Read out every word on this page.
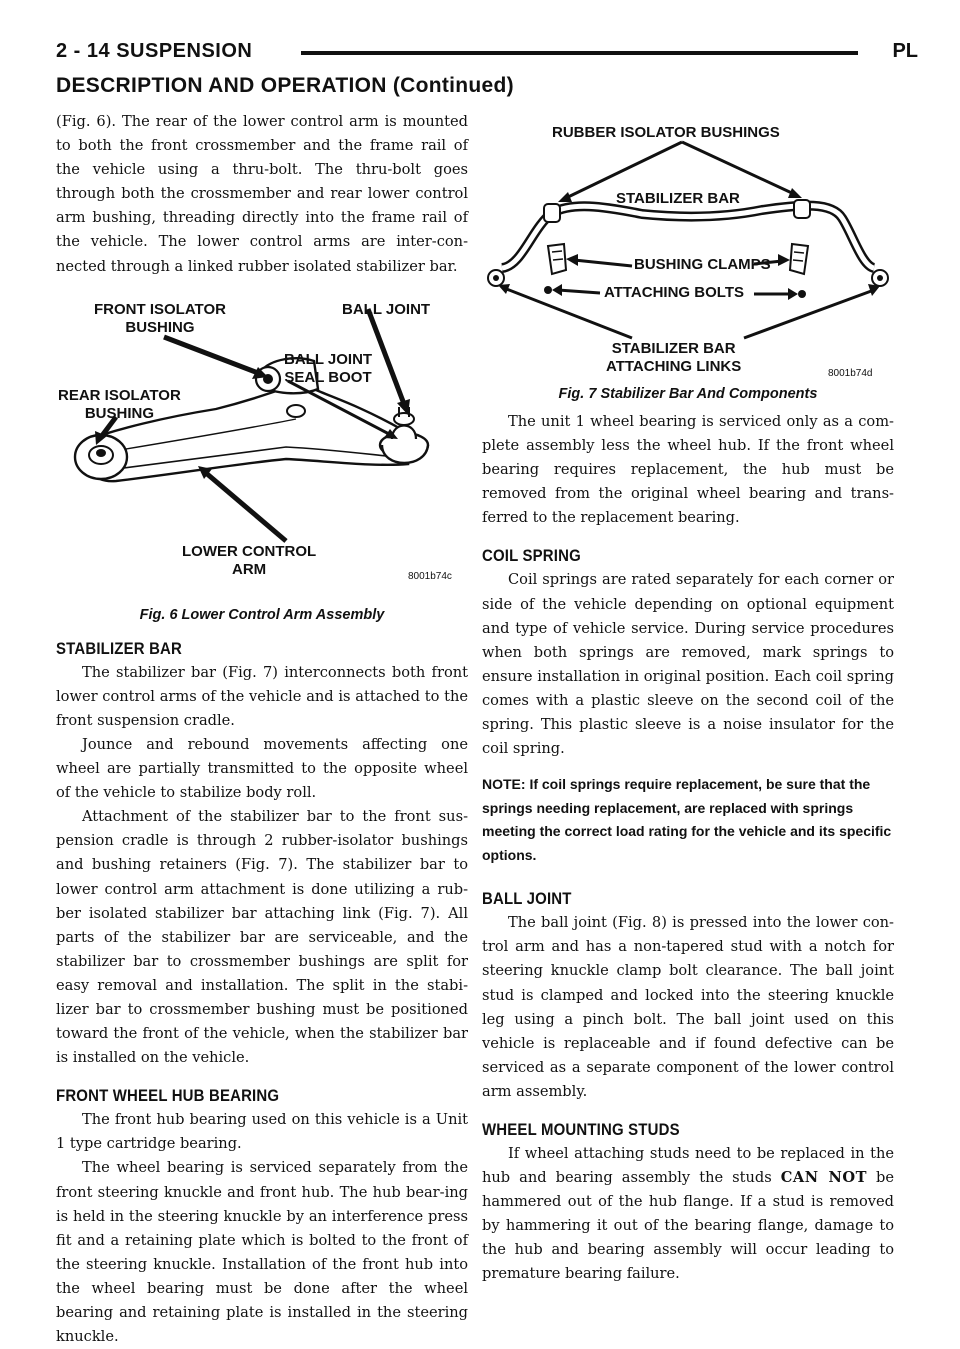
2 - 14 SUSPENSION	PL
DESCRIPTION AND OPERATION (Continued)

(Fig. 6). The rear of the lower control arm is mounted to both the front crossmember and the frame rail of the vehicle using a thru-bolt. The thru-bolt goes through both the crossmember and rear lower control arm bushing, threading directly into the frame rail of the vehicle. The lower control arms are inter-con-nected through a linked rubber isolated stabilizer bar.

FRONT ISOLATOR
BUSHING
BALL JOINT
BALL JOINT
SEAL BOOT
REAR ISOLATOR
BUSHING
LOWER CONTROL
ARM	8001b74c
Fig. 6 Lower Control Arm Assembly
STABILIZER BAR

The stabilizer bar (Fig. 7) interconnects both front lower control arms of the vehicle and is attached to the front suspension cradle.

Jounce and rebound movements affecting one wheel are partially transmitted to the opposite wheel of the vehicle to stabilize body roll.

Attachment of the stabilizer bar to the front sus-pension cradle is through 2 rubber-isolator bushings and bushing retainers (Fig. 7). The stabilizer bar to lower control arm attachment is done utilizing a rub-ber isolated stabilizer bar attaching link (Fig. 7). All parts of the stabilizer bar are serviceable, and the stabilizer bar to crossmember bushings are split for easy removal and installation. The split in the stabi-lizer bar to crossmember bushing must be positioned toward the front of the vehicle, when the stabilizer bar is installed on the vehicle.

FRONT WHEEL HUB BEARING

The front hub bearing used on this vehicle is a Unit 1 type cartridge bearing.

The wheel bearing is serviced separately from the front steering knuckle and front hub. The hub bear-ing is held in the steering knuckle by an interference press fit and a retaining plate which is bolted to the front of the steering knuckle. Installation of the front hub into the wheel bearing must be done after the wheel bearing and retaining plate is installed in the steering knuckle.

RUBBER ISOLATOR BUSHINGS
STABILIZER BAR
BUSHING CLAMPS
ATTACHING BOLTS
STABILIZER BAR
ATTACHING LINKS	8001b74d
Fig. 7 Stabilizer Bar And Components

The unit 1 wheel bearing is serviced only as a com-plete assembly less the wheel hub. If the front wheel bearing requires replacement, the hub must be removed from the original wheel bearing and trans-ferred to the replacement bearing.

COIL SPRING

Coil springs are rated separately for each corner or side of the vehicle depending on optional equipment and type of vehicle service. During service procedures when both springs are removed, mark springs to ensure installation in original position. Each coil spring comes with a plastic sleeve on the second coil of the spring. This plastic sleeve is a noise insulator for the coil spring.

NOTE: If coil springs require replacement, be sure that the springs needing replacement, are replaced with springs meeting the correct load rating for the vehicle and its specific options.

BALL JOINT

The ball joint (Fig. 8) is pressed into the lower con-trol arm and has a non-tapered stud with a notch for steering knuckle clamp bolt clearance. The ball joint stud is clamped and locked into the steering knuckle leg using a pinch bolt. The ball joint used on this vehicle is replaceable and if found defective can be serviced as a separate component of the lower control arm assembly.

WHEEL MOUNTING STUDS

If wheel attaching studs need to be replaced in the hub and bearing assembly the studs CAN NOT be hammered out of the hub flange. If a stud is removed by hammering it out of the bearing flange, damage to the hub and bearing assembly will occur leading to premature bearing failure.
